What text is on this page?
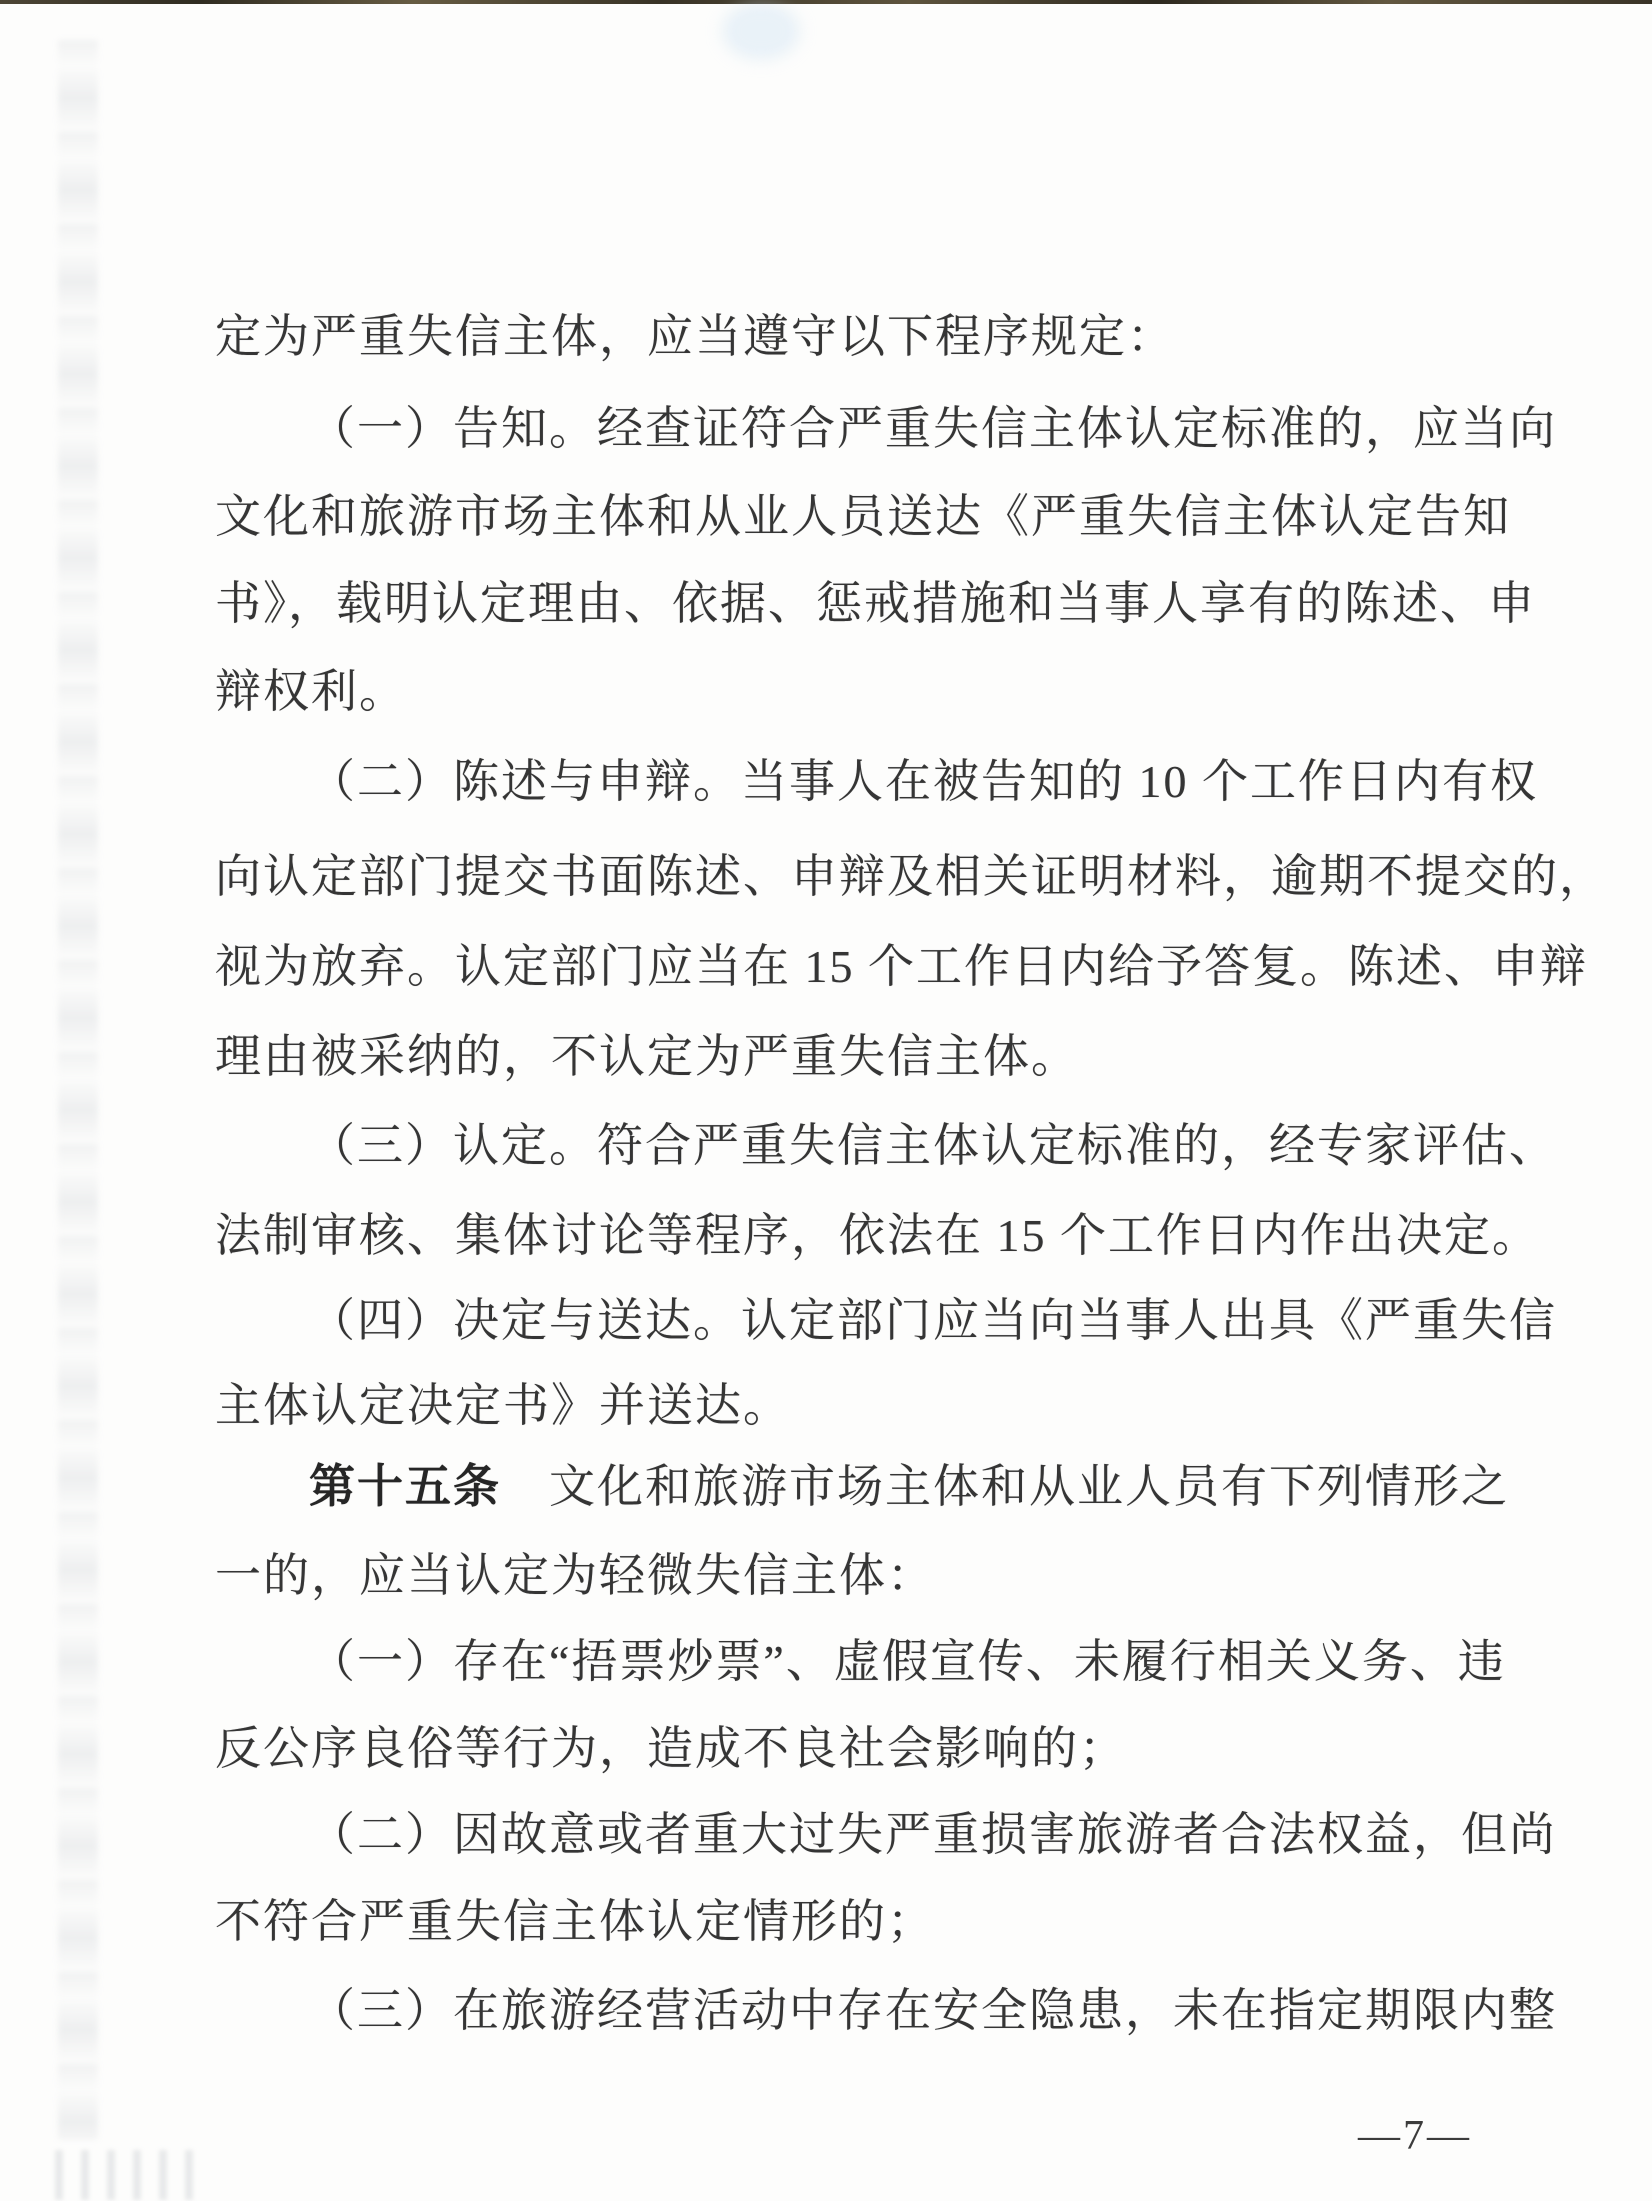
定为严重失信主体，应当遵守以下程序规定：
（一）告知。经查证符合严重失信主体认定标准的，应当向
文化和旅游市场主体和从业人员送达《严重失信主体认定告知
书》，载明认定理由、依据、惩戒措施和当事人享有的陈述、申
辩权利。
（二）陈述与申辩。当事人在被告知的 10 个工作日内有权
向认定部门提交书面陈述、申辩及相关证明材料，逾期不提交的，
视为放弃。认定部门应当在 15 个工作日内给予答复。陈述、申辩
理由被采纳的，不认定为严重失信主体。
（三）认定。符合严重失信主体认定标准的，经专家评估、
法制审核、集体讨论等程序，依法在 15 个工作日内作出决定。
（四）决定与送达。认定部门应当向当事人出具《严重失信
主体认定决定书》并送达。
第十五条　文化和旅游市场主体和从业人员有下列情形之
一的，应当认定为轻微失信主体：
（一）存在“捂票炒票”、虚假宣传、未履行相关义务、违
反公序良俗等行为，造成不良社会影响的；
（二）因故意或者重大过失严重损害旅游者合法权益，但尚
不符合严重失信主体认定情形的；
（三）在旅游经营活动中存在安全隐患，未在指定期限内整
—7—
